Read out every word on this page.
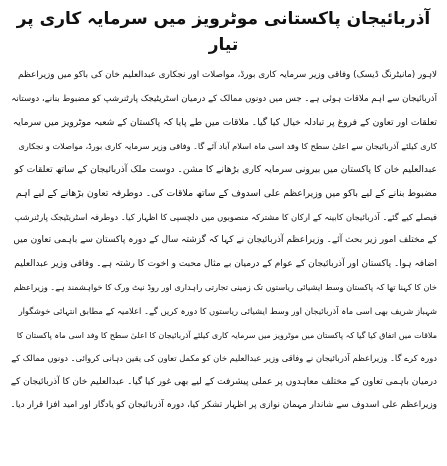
آذربائیجان پاکستانی موٹرویز میں سرمایہ کاری پر تیار
لاہور (مانیٹرنگ ڈیسک) وفاقی وزیر سرمایہ کاری بورڈ، مواصلات اور نجکاری عبدالعلیم خان کی باکو میں وزیراعظم
آذربائیجان سے اہم ملاقات ہوئی ہے۔ جس میں دونوں ممالک کے درمیان اسٹریٹیجک پارٹنرشپ کو مضبوط بنانے، دوستانہ
تعلقات اور تعاون کے فروغ پر تبادلہ خیال کیا گیا۔ ملاقات میں طے پایا کہ پاکستان کے شعبہ موٹرویز میں سرمایہ
کاری کیلئے آذربائیجان سے اعلیٰ سطح کا وفد اسی ماہ اسلام آباد آئے گا۔ وفاقی وزیر سرمایہ کاری بورڈ، مواصلات و نجکاری
عبدالعلیم خان کا پاکستان میں بیرونی سرمایہ کاری بڑھانے کا مشن۔ دوست ملک آذربائیجان کے ساتھ تعلقات کو
مضبوط بنانے کے لیے باکو میں وزیراعظم علی اسدوف کے ساتھ ملاقات کی۔ دوطرفہ تعاون بڑھانے کے لیے اہم
فیصلے کیے گئے۔ آذربائیجان کابینہ کے ارکان کا مشترکہ منصوبوں میں دلچسپی کا اظہار کیا۔ دوطرفہ اسٹریٹیجک پارٹنرشپ
کے مختلف امور زیر بحث آئے۔ وزیراعظم آذربائیجان نے کہا کہ گزشتہ سال کے دورہ پاکستان سے باہمی تعاون میں
اضافہ ہوا۔ پاکستان اور آذربائیجان کے عوام کے درمیان بے مثال محبت و اخوت کا رشتہ ہے۔ وفاقی وزیر عبدالعلیم
خان کا کہنا تھا کہ پاکستان وسط ایشیائی ریاستوں تک زمینی تجارتی راہداری اور روڈ نیٹ ورک کا خواہشمند ہے۔ وزیراعظم
شہباز شریف بھی اسی ماہ آذربائیجان اور وسط ایشیائی ریاستوں کا دورہ کریں گے۔ اعلامیہ کے مطابق انتہائی خوشگوار
ملاقات میں اتفاق کیا گیا کہ پاکستان میں موٹرویز میں سرمایہ کاری کیلئے آذربائیجان کا اعلیٰ سطح کا وفد اسی ماہ پاکستان کا
دورہ کرے گا۔ وزیراعظم آذربائیجان نے وفاقی وزیر عبدالعلیم خان کو مکمل تعاون کی یقین دہانی کروائی۔ دونوں ممالک کے
درمیان باہمی تعاون کے مختلف معاہدوں پر عملی پیشرفت کے لیے بھی غور کیا گیا۔ عبدالعلیم خان کا آذربائیجان کے
وزیراعظم علی اسدوف سے شاندار مہمان نوازی پر اظہار تشکر کیا، دورہ آذربائیجان کو یادگار اور امید افزا قرار دیا۔
